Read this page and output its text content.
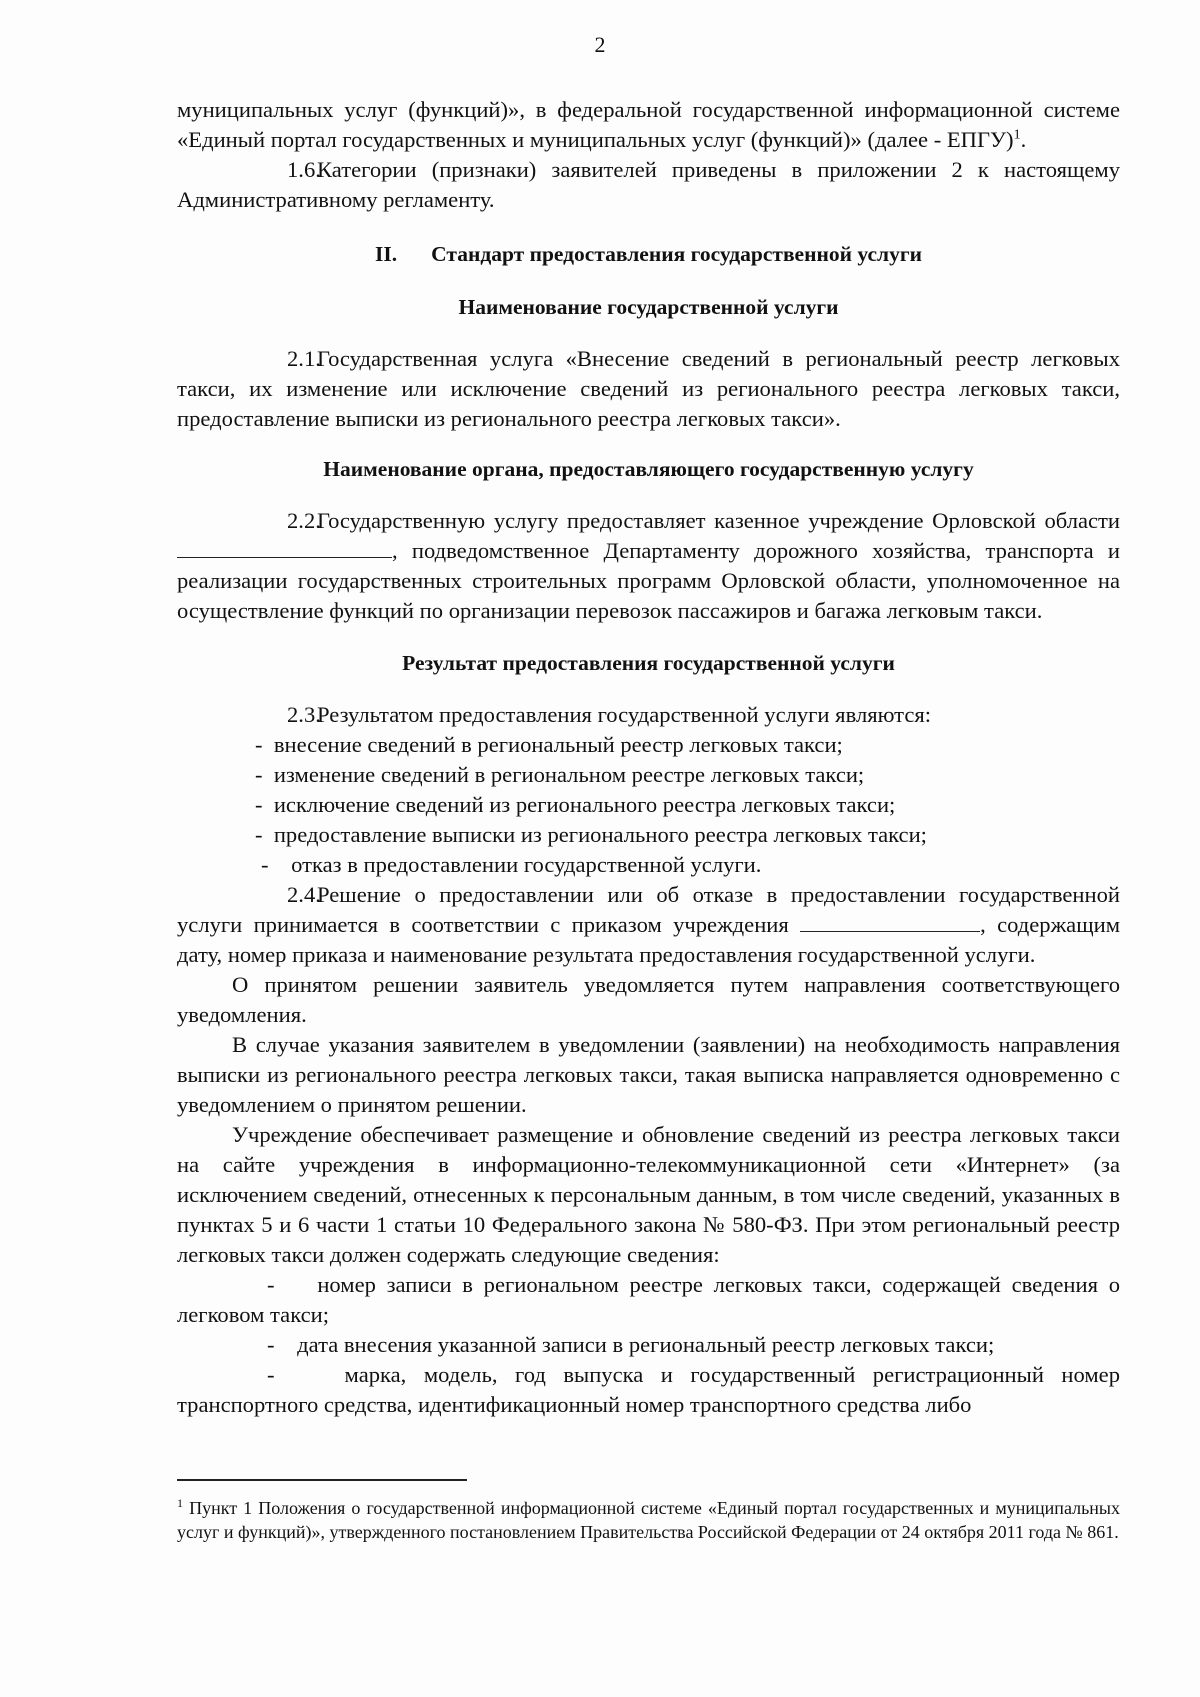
2

муниципальных услуг (функций)», в федеральной государственной информационной системе «Единый портал государственных и муниципальных услуг (функций)» (далее - ЕПГУ)$^1$.

1.6.Категории (признаки) заявителей приведены в приложении 2 к настоящему Административному регламенту.

II. Стандарт предоставления государственной услуги

Наименование государственной услуги

2.1.Государственная услуга «Внесение сведений в региональный реестр легковых такси, их изменение или исключение сведений из регионального реестра легковых такси, предоставление выписки из регионального реестра легковых такси».

Наименование органа, предоставляющего государственную услугу

2.2.Государственную услугу предоставляет казенное учреждение Орловской области , подведомственное Департаменту дорожного хозяйства, транспорта и реализации государственных строительных программ Орловской области, уполномоченное на осуществление функций по организации перевозок пассажиров и багажа легковым такси.

Результат предоставления государственной услуги

2.3.Результатом предоставления государственной услуги являются:

-  внесение сведений в региональный реестр легковых такси;

-  изменение сведений в региональном реестре легковых такси;

-  исключение сведений из регионального реестра легковых такси;

-  предоставление выписки из регионального реестра легковых такси;

-    отказ в предоставлении государственной услуги.

2.4.Решение о предоставлении или об отказе в предоставлении государственной услуги принимается в соответствии с приказом учреждения	, содержащим дату, номер приказа и наименование результата предоставления государственной услуги.

О принятом решении заявитель уведомляется путем направления соответствующего уведомления.

В случае указания заявителем в уведомлении (заявлении) на необходимость направления выписки из регионального реестра легковых такси, такая выписка направляется одновременно с уведомлением о принятом решении.

Учреждение обеспечивает размещение и обновление сведений из реестра легковых такси на сайте учреждения в информационно-телекоммуникационной сети «Интернет» (за исключением сведений, отнесенных к персональным данным, в том числе сведений, указанных в пунктах 5 и 6 части 1 статьи 10 Федерального закона № 580-ФЗ. При этом региональный реестр легковых такси должен содержать следующие сведения:

-    номер записи в региональном реестре легковых такси, содержащей сведения о легковом такси;

-    дата внесения указанной записи в региональный реестр легковых такси;

-    марка, модель, год выпуска и государственный регистрационный номер транспортного средства, идентификационный номер транспортного средства либо

$^1$ Пункт 1 Положения о государственной информационной системе «Единый портал государственных и муниципальных услуг и функций)», утвержденного постановлением Правительства Российской Федерации от 24 октября 2011 года № 861.
